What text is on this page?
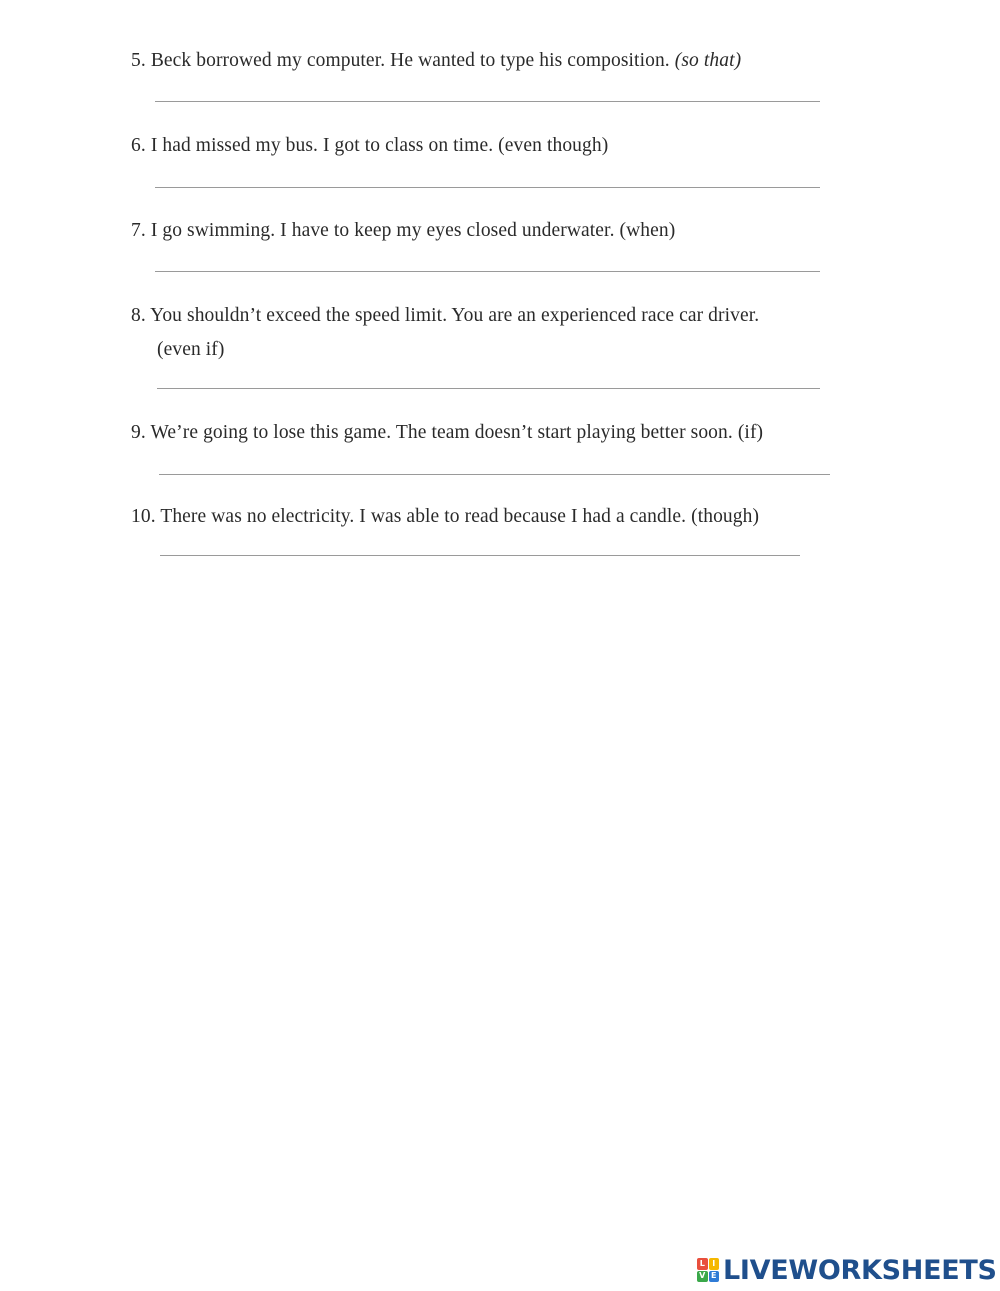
5. Beck borrowed my computer. He wanted to type his composition. (so that)
6. I had missed my bus. I got to class on time. (even though)
7. I go swimming. I have to keep my eyes closed underwater. (when)
8. You shouldn’t exceed the speed limit. You are an experienced race car driver.
(even if)
9. We’re going to lose this game. The team doesn’t start playing better soon. (if)
10. There was no electricity. I was able to read because I had a candle. (though)
L I
V E LIVEWORKSHEETS
